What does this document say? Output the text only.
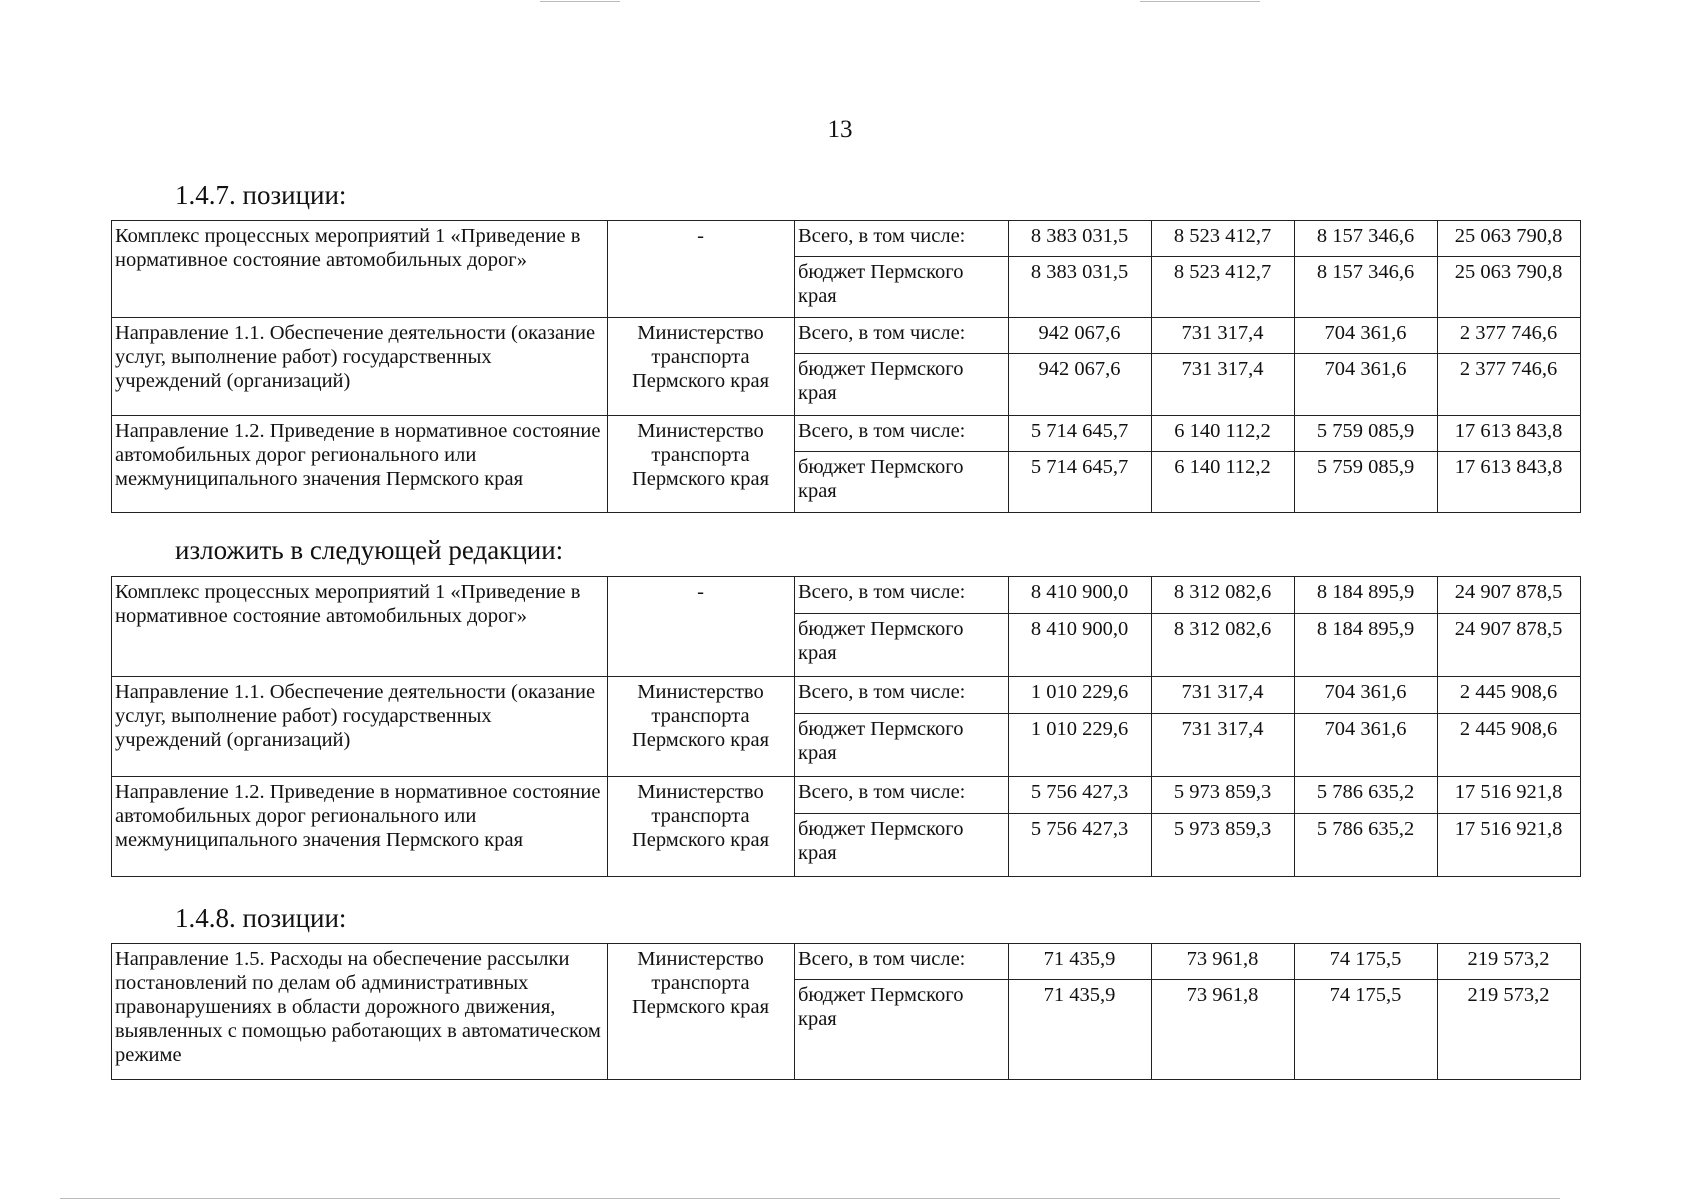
13
1.4.7. позиции:
Комплекс процессных мероприятий 1 «Приведение в нормативное состояние автомобильных дорог»	-	Всего, в том числе:	8 383 031,5	8 523 412,7	8 157 346,6	25 063 790,8
		бюджет Пермского края	8 383 031,5	8 523 412,7	8 157 346,6	25 063 790,8
Направление 1.1. Обеспечение деятельности (оказание услуг, выполнение работ) государственных учреждений (организаций)	Министерство транспорта Пермского края	Всего, в том числе:	942 067,6	731 317,4	704 361,6	2 377 746,6
		бюджет Пермского края	942 067,6	731 317,4	704 361,6	2 377 746,6
Направление 1.2. Приведение в нормативное состояние автомобильных дорог регионального или межмуниципального значения Пермского края	Министерство транспорта Пермского края	Всего, в том числе:	5 714 645,7	6 140 112,2	5 759 085,9	17 613 843,8
		бюджет Пермского края	5 714 645,7	6 140 112,2	5 759 085,9	17 613 843,8
изложить в следующей редакции:
Комплекс процессных мероприятий 1 «Приведение в нормативное состояние автомобильных дорог»	-	Всего, в том числе:	8 410 900,0	8 312 082,6	8 184 895,9	24 907 878,5
		бюджет Пермского края	8 410 900,0	8 312 082,6	8 184 895,9	24 907 878,5
Направление 1.1. Обеспечение деятельности (оказание услуг, выполнение работ) государственных учреждений (организаций)	Министерство транспорта Пермского края	Всего, в том числе:	1 010 229,6	731 317,4	704 361,6	2 445 908,6
		бюджет Пермского края	1 010 229,6	731 317,4	704 361,6	2 445 908,6
Направление 1.2. Приведение в нормативное состояние автомобильных дорог регионального или межмуниципального значения Пермского края	Министерство транспорта Пермского края	Всего, в том числе:	5 756 427,3	5 973 859,3	5 786 635,2	17 516 921,8
		бюджет Пермского края	5 756 427,3	5 973 859,3	5 786 635,2	17 516 921,8
1.4.8. позиции:
Направление 1.5. Расходы на обеспечение рассылки постановлений по делам об административных правонарушениях в области дорожного движения, выявленных с помощью работающих в автоматическом режиме	Министерство транспорта Пермского края	Всего, в том числе:	71 435,9	73 961,8	74 175,5	219 573,2
		бюджет Пермского края	71 435,9	73 961,8	74 175,5	219 573,2
